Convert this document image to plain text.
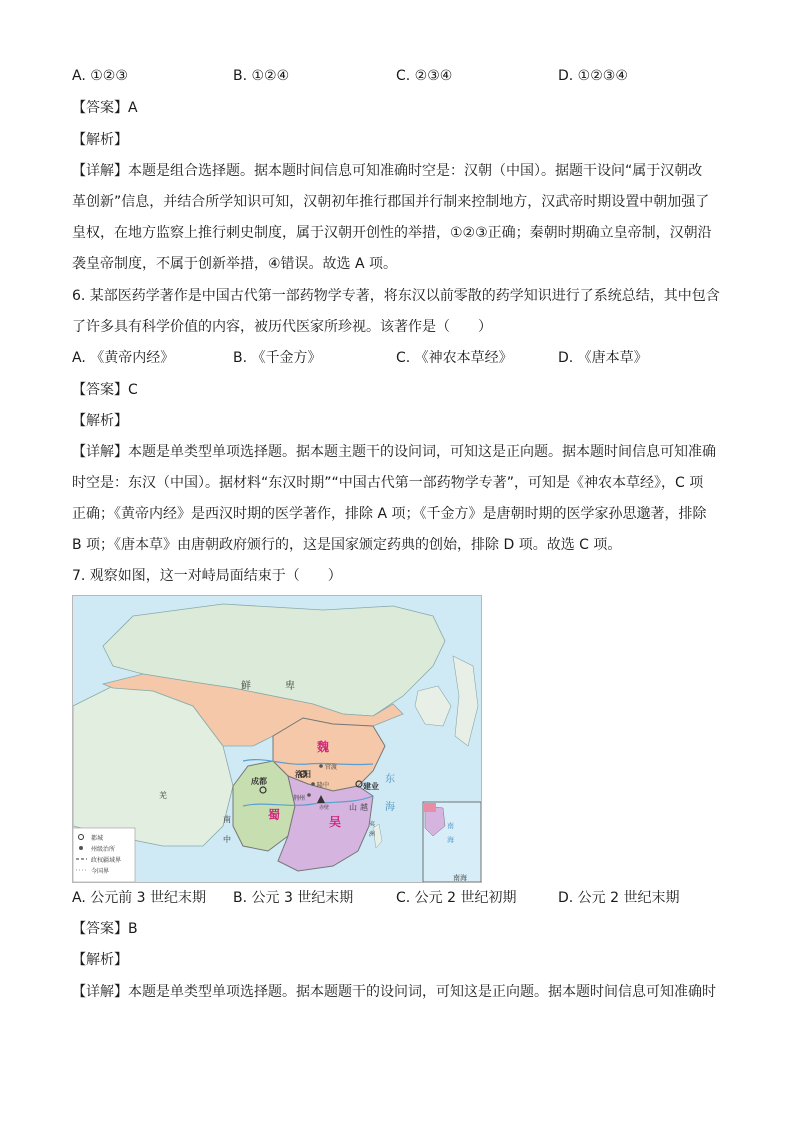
A. ①②③	B. ①②④	C. ②③④	D. ①②③④
【答案】A
【解析】
【详解】本题是组合选择题。据本题时间信息可知准确时空是：汉朝（中国）。据题干设问“属于汉朝改
革创新”信息，并结合所学知识可知，汉朝初年推行郡国并行制来控制地方，汉武帝时期设置中朝加强了
皇权，在地方监察上推行刺史制度，属于汉朝开创性的举措，①②③正确；秦朝时期确立皇帝制，汉朝沿
袭皇帝制度，不属于创新举措，④错误。故选 A 项。
6. 某部医药学著作是中国古代第一部药物学专著，将东汉以前零散的药学知识进行了系统总结，其中包含
了许多具有科学价值的内容，被历代医家所珍视。该著作是（　　）
A. 《黄帝内经》	B. 《千金方》	C. 《神农本草经》	D. 《唐本草》
【答案】C
【解析】
【详解】本题是单类型单项选择题。据本题主题干的设问词，可知这是正向题。据本题时间信息可知准确
时空是：东汉（中国）。据材料“东汉时期”“中国古代第一部药物学专著”，可知是《神农本草经》，C 项
正确；《黄帝内经》是西汉时期的医学著作，排除 A 项；《千金方》是唐朝时期的医学家孙思邈著，排除
B 项；《唐本草》由唐朝政府颁行的，这是国家颁定药典的创始，排除 D 项。故选 C 项。
7. 观察如图，这一对峙局面结束于（　　）
都城
州级治所
政权疆域界
今国界
鲜	卑
魏
蜀	吴
洛阳
官渡
隆中
荆州
赤壁
建业
成都
南
中
山 越
夷
洲
羌
东
海
南
海
南海
A. 公元前 3 世纪末期 B. 公元 3 世纪末期	C. 公元 2 世纪初期	D. 公元 2 世纪末期
【答案】B
【解析】
【详解】本题是单类型单项选择题。据本题题干的设问词，可知这是正向题。据本题时间信息可知准确时
